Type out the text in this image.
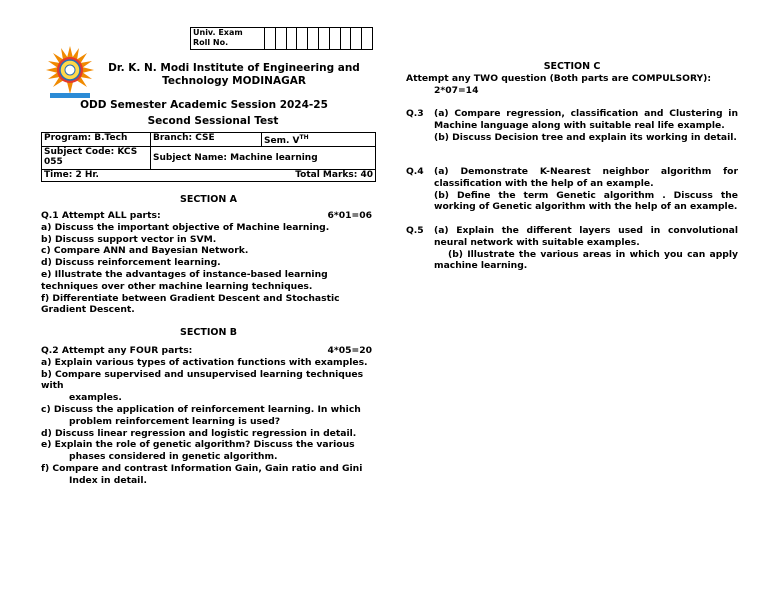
Univ. Exam Roll No.
Dr. K. N. Modi Institute of Engineering and Technology MODINAGAR
ODD Semester Academic Session 2024-25
Second Sessional Test
Program: B.Tech	Branch: CSE	Sem. VTH
Subject Code: KCS 055	Subject Name: Machine learning	

Time: 2 Hr. Total Marks: 40		
SECTION A
Q.1 Attempt ALL parts:	6*01=06
a) Discuss the important objective of Machine learning.
b) Discuss support vector in SVM.
c) Compare ANN and Bayesian Network.
d) Discuss reinforcement learning.
e) Illustrate the advantages of instance-based learning techniques over other machine learning techniques.
f) Differentiate between Gradient Descent and Stochastic Gradient Descent.
SECTION B
Q.2 Attempt any FOUR parts:	4*05=20
a) Explain various types of activation functions with examples.
b) Compare supervised and unsupervised learning techniques with
examples.
c) Discuss the application of reinforcement learning. In which
problem reinforcement learning is used?
d) Discuss linear regression and logistic regression in detail.
e) Explain the role of genetic algorithm? Discuss the various
phases considered in genetic algorithm.
f) Compare and contrast Information Gain, Gain ratio and Gini
Index in detail.
SECTION C
Attempt any TWO question (Both parts are COMPULSORY):
2*07=14
Q.3	(a) Compare regression, classification and Clustering in Machine language along with suitable real life example.
(b) Discuss Decision tree and explain its working in detail.
Q.4	(a) Demonstrate K-Nearest neighbor algorithm for classification with the help of an example.
(b) Define the term Genetic algorithm . Discuss the working of Genetic algorithm with the help of an example.
Q.5	(a) Explain the different layers used in convolutional neural network with suitable examples.
(b) Illustrate the various areas in which you can apply machine learning.
